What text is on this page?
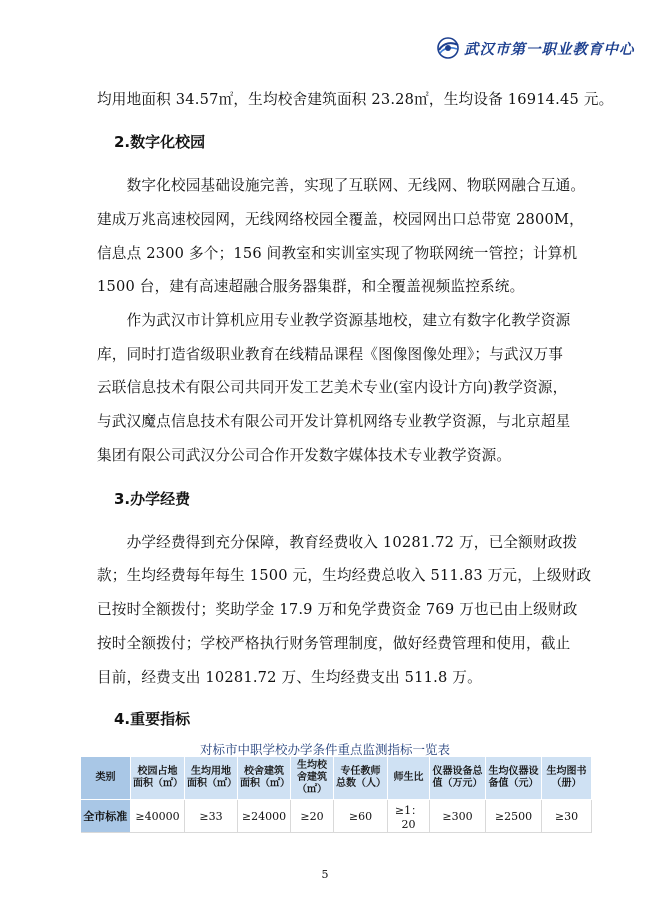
武汉市第一职业教育中心
均用地面积 34.57㎡，生均校舍建筑面积 23.28㎡，生均设备 16914.45 元。
2.数字化校园
　　数字化校园基础设施完善，实现了互联网、无线网、物联网融合互通。
建成万兆高速校园网，无线网络校园全覆盖，校园网出口总带宽 2800M，
信息点 2300 多个；156 间教室和实训室实现了物联网统一管控；计算机
1500 台，建有高速超融合服务器集群，和全覆盖视频监控系统。
　　作为武汉市计算机应用专业教学资源基地校，建立有数字化教学资源
库，同时打造省级职业教育在线精品课程《图像图像处理》；与武汉万事
云联信息技术有限公司共同开发工艺美术专业(室内设计方向)教学资源，
与武汉魔点信息技术有限公司开发计算机网络专业教学资源，与北京超星
集团有限公司武汉分公司合作开发数字媒体技术专业教学资源。
3.办学经费
　　办学经费得到充分保障，教育经费收入 10281.72 万，已全额财政拨
款；生均经费每年每生 1500 元，生均经费总收入 511.83 万元，上级财政
已按时全额拨付；奖助学金 17.9 万和免学费资金 769 万也已由上级财政
按时全额拨付；学校严格执行财务管理制度，做好经费管理和使用，截止
目前，经费支出 10281.72 万、生均经费支出 511.8 万。
4.重要指标
对标市中职学校办学条件重点监测指标一览表
类别	校园占地面积（㎡）	生均用地面积（㎡）	校舍建筑面积（㎡）	生均校舍建筑（㎡）	专任教师总数（人）	师生比	仪器设备总值（万元）	生均仪器设备值（元）	生均图书（册）
全市标准	≥40000	≥33	≥24000	≥20	≥60	≥1：20	≥300	≥2500	≥30
5
